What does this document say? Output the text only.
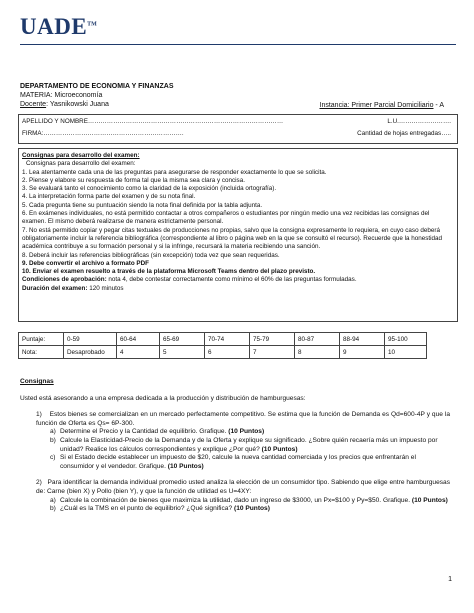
UADE™
DEPARTAMENTO DE ECONOMIA Y FINANZAS
MATERIA: Microeconomía
Docente: Yasnikowski Juana	Instancia: Primer Parcial Domiciliario - A
APELLIDO Y NOMBRE…………………………………………………………………………………	L.U.…………………….
FIRMA:………………………………………………………….	Cantidad de hojas entregadas…..

Consignas para desarrollo del examen:

Consignas para desarrollo del examen:

1. Lea atentamente cada una de las preguntas para asegurarse de responder exactamente lo que se solicita.

2. Piense y elabore su respuesta de forma tal que la misma sea clara y concisa.

3. Se evaluará tanto el conocimiento como la claridad de la exposición (incluida ortografía).

4. La interpretación forma parte del examen y de su nota final.

5. Cada pregunta tiene su puntuación siendo la nota final definida por la tabla adjunta.

6. En exámenes individuales, no está permitido contactar a otros compañeros o estudiantes por ningún medio una vez recibidas las consignas del examen. El mismo deberá realizarse de manera estrictamente personal.

7. No está permitido copiar y pegar citas textuales de producciones no propias, salvo que la consigna expresamente lo requiera, en cuyo caso deberá obligatoriamente incluir la referencia bibliográfica (correspondiente al libro o página web en la que se consultó el recurso). Recuerde que la honestidad académica contribuye a su formación personal y si la infringe, recursará la materia recibiendo una sanción.

8. Deberá incluir las referencias bibliográficas (sin excepción) toda vez que sean requeridas.

9. Debe convertir el archivo a formato PDF

10. Enviar el examen resuelto a través de la plataforma Microsoft Teams dentro del plazo previsto.

Condiciones de aprobación: nota 4, debe contestar correctamente como mínimo el 60% de las preguntas formuladas.

Duración del examen: 120 minutos

Puntaje:	0-59	60-64	65-69	70-74	75-79	80-87	88-94	95-100
Nota:	Desaprobado	4	5	6	7	8	9	10

Consignas

Usted está asesorando a una empresa dedicada a la producción y distribución de hamburguesas:

1) Estos bienes se comercializan en un mercado perfectamente competitivo. Se estima que la función de Demanda es Qd=600-4P y que la función de Oferta es Qs= 6P-300.

a) Determine el Precio y la Cantidad de equilibrio. Grafique. (10 Puntos)

b) Calcule la Elasticidad-Precio de la Demanda y de la Oferta y explique su significado. ¿Sobre quién recaería más un impuesto por unidad? Realice los cálculos correspondientes y explique ¿Por qué? (10 Puntos)

c) Si el Estado decide establecer un impuesto de $20, calcule la nueva cantidad comerciada y los precios que enfrentarán el consumidor y el vendedor. Grafique. (10 Puntos)

2) Para identificar la demanda individual promedio usted analiza la elección de un consumidor tipo. Sabiendo que elige entre hamburguesas de: Carne (bien X) y Pollo (bien Y), y que la función de utilidad es U=4XY:

a) Calcule la combinación de bienes que maximiza la utilidad, dado un ingreso de $3000, un Px=$100 y Py=$50. Grafique. (10 Puntos)

b) ¿Cuál es la TMS en el punto de equilibrio? ¿Qué significa? (10 Puntos)

1
